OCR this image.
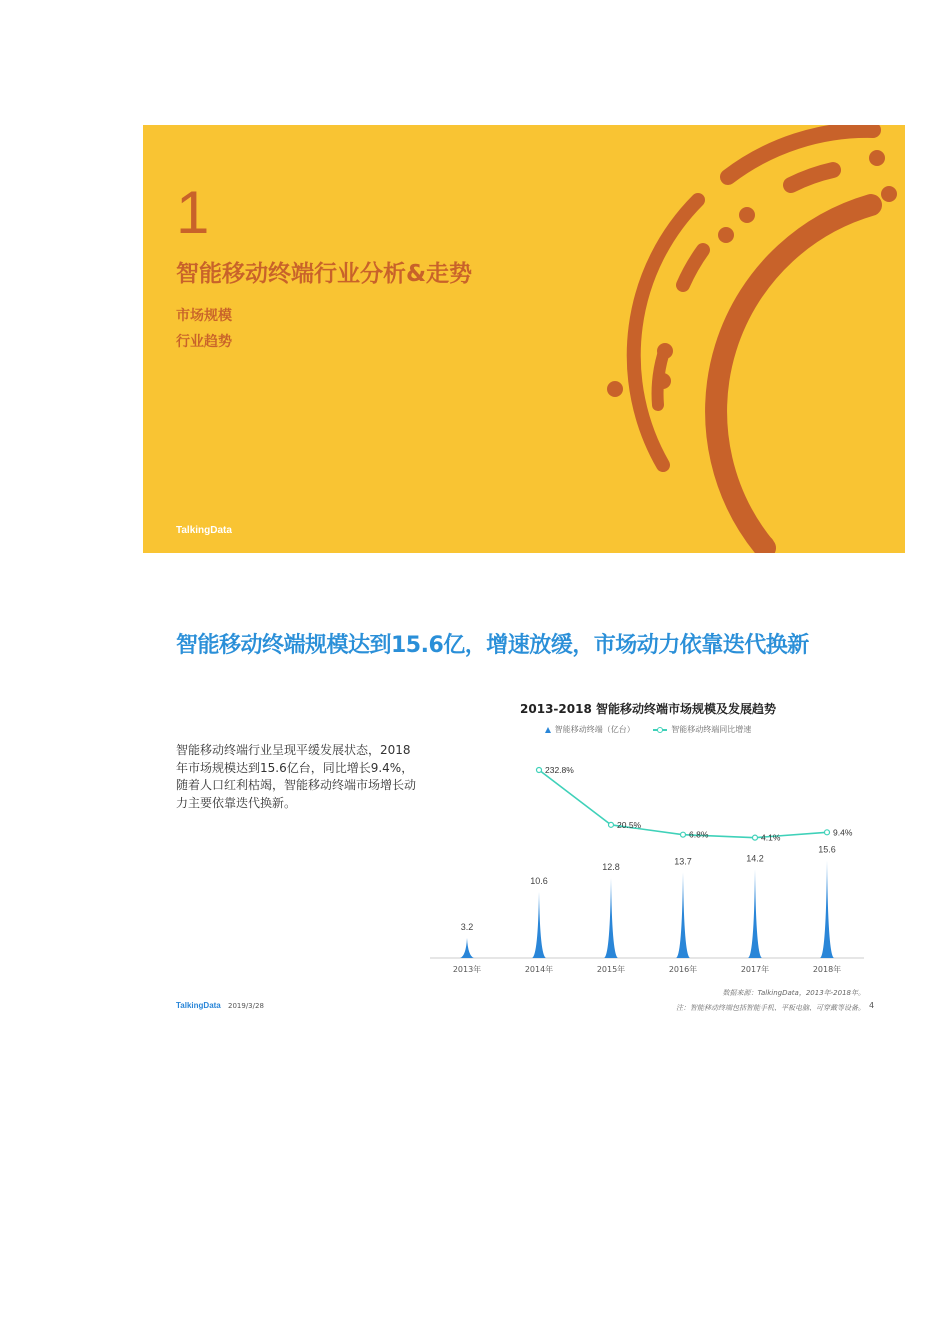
1
智能移动终端行业分析&走势
市场规模
行业趋势
TalkingData
智能移动终端规模达到15.6亿，增速放缓，市场动力依靠迭代换新
智能移动终端行业呈现平缓发展状态，2018年市场规模达到15.6亿台，同比增长9.4%，随着人口红利枯竭，智能移动终端市场增长动力主要依靠迭代换新。
2013-2018 智能移动终端市场规模及发展趋势
智能移动终端（亿台）	智能移动终端同比增速
3.2
2013年
10.6
2014年
12.8
2015年
13.7
2016年
14.2
2017年
15.6
2018年
232.8%
20.5%
6.8%	4.1%
9.4%
数据来源：TalkingData，2013年-2018年。
注：智能移动终端包括智能手机、平板电脑、可穿戴等设备。
TalkingData 2019/3/28	4
